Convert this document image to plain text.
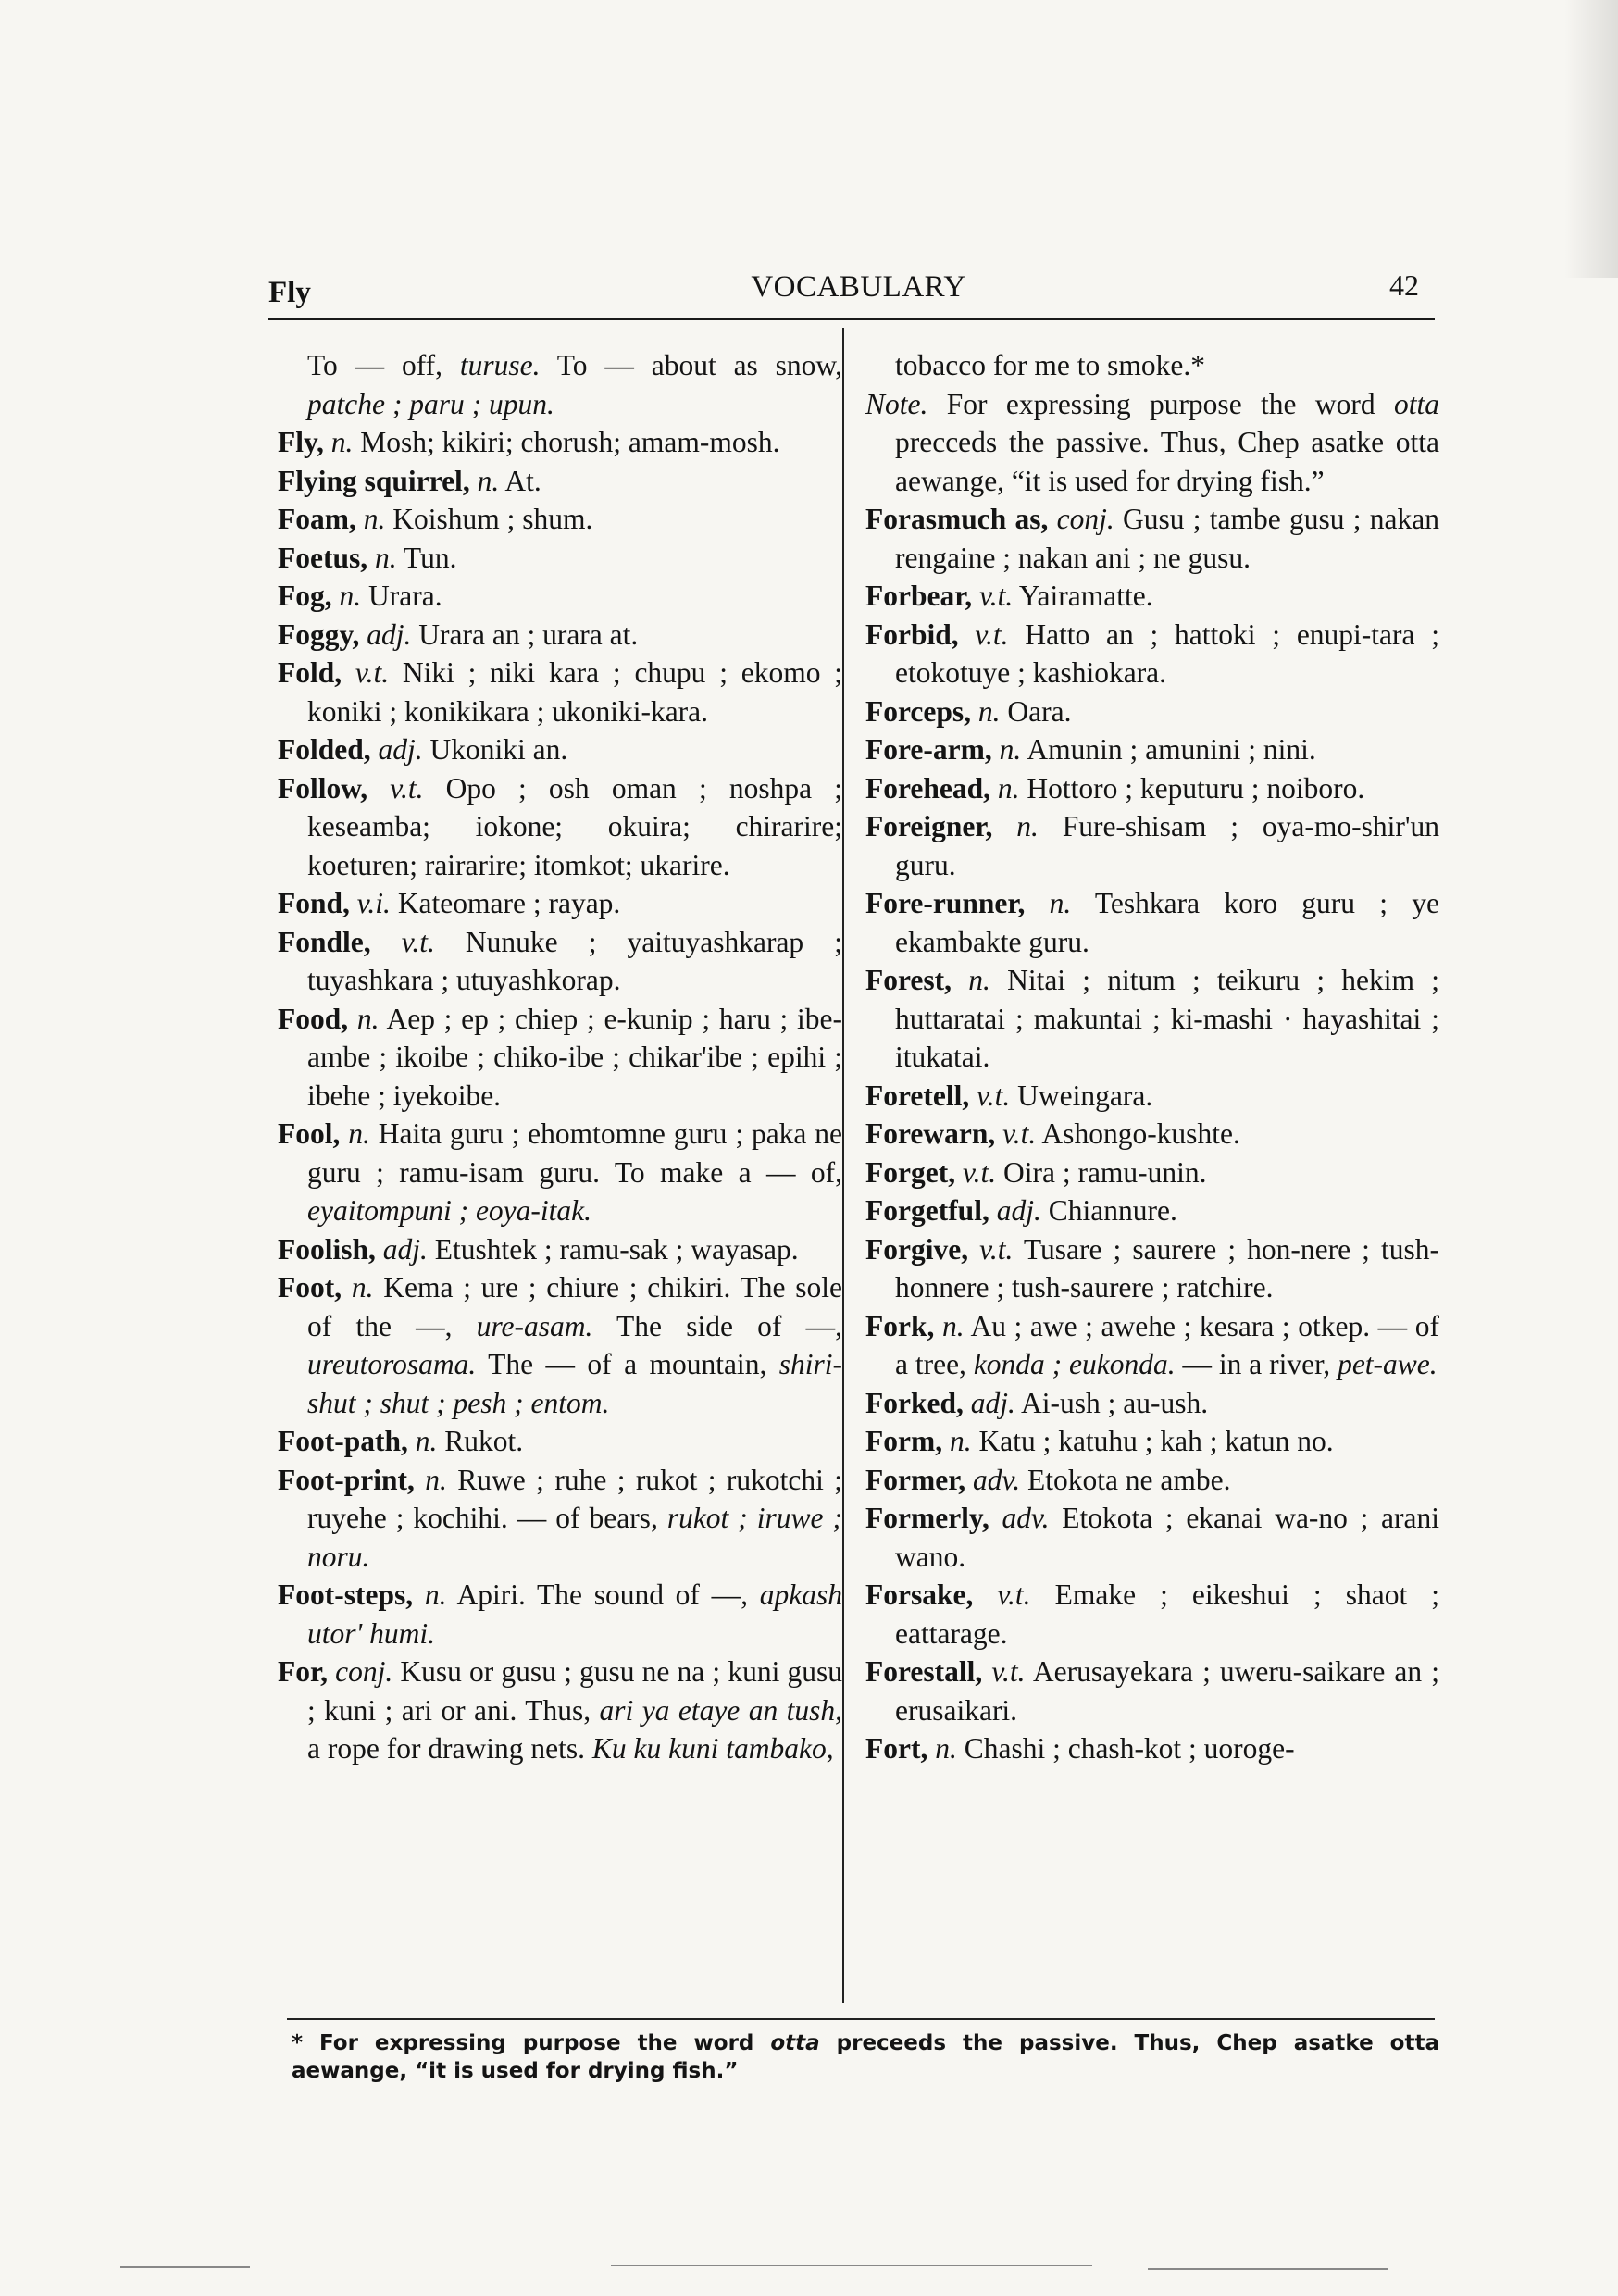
Fly	VOCABULARY	42

To — off, turuse. To — about as snow, patche ; paru ; upun.

Fly, n. Mosh; kikiri; chorush; amam-mosh.

Flying squirrel, n. At.

Foam, n. Koishum ; shum.

Foetus, n. Tun.

Fog, n. Urara.

Foggy, adj. Urara an ; urara at.

Fold, v.t. Niki ; niki kara ; chupu ; ekomo ; koniki ; konikikara ; ukoniki-kara.

Folded, adj. Ukoniki an.

Follow, v.t. Opo ; osh oman ; noshpa ; keseamba; iokone; okuira; chirarire; koeturen; rairarire; itomkot; ukarire.

Fond, v.i. Kateomare ; rayap.

Fondle, v.t. Nunuke ; yaituyashkarap ; tuyashkara ; utuyashkorap.

Food, n. Aep ; ep ; chiep ; e-kunip ; haru ; ibe-ambe ; ikoibe ; chiko-ibe ; chikar'ibe ; epihi ; ibehe ; iyekoibe.

Fool, n. Haita guru ; ehomtomne guru ; paka ne guru ; ramu-isam guru. To make a — of, eyaitompuni ; eoya-itak.

Foolish, adj. Etushtek ; ramu-sak ; wayasap.

Foot, n. Kema ; ure ; chiure ; chikiri. The sole of the —, ure-asam. The side of —, ureutorosama. The — of a mountain, shiri-shut ; shut ; pesh ; entom.

Foot-path, n. Rukot.

Foot-print, n. Ruwe ; ruhe ; rukot ; rukotchi ; ruyehe ; kochihi. — of bears, rukot ; iruwe ; noru.

Foot-steps, n. Apiri. The sound of —, apkash utor' humi.

For, conj. Kusu or gusu ; gusu ne na ; kuni gusu ; kuni ; ari or ani. Thus, ari ya etaye an tush, a rope for drawing nets. Ku ku kuni tambako,

tobacco for me to smoke.*

Note. For expressing purpose the word otta precceds the passive. Thus, Chep asatke otta aewange, “it is used for drying fish.”

Forasmuch as, conj. Gusu ; tambe gusu ; nakan rengaine ; nakan ani ; ne gusu.

Forbear, v.t. Yairamatte.

Forbid, v.t. Hatto an ; hattoki ; enupi-tara ; etokotuye ; kashiokara.

Forceps, n. Oara.

Fore-arm, n. Amunin ; amunini ; nini.

Forehead, n. Hottoro ; keputuru ; noiboro.

Foreigner, n. Fure-shisam ; oya-mo-shir'un guru.

Fore-runner, n. Teshkara koro guru ; ye ekambakte guru.

Forest, n. Nitai ; nitum ; teikuru ; hekim ; huttaratai ; makuntai ; ki-mashi · hayashitai ; itukatai.

Foretell, v.t. Uweingara.

Forewarn, v.t. Ashongo-kushte.

Forget, v.t. Oira ; ramu-unin.

Forgetful, adj. Chiannure.

Forgive, v.t. Tusare ; saurere ; hon-nere ; tush-honnere ; tush-saurere ; ratchire.

Fork, n. Au ; awe ; awehe ; kesara ; otkep. — of a tree, konda ; eukonda. — in a river, pet-awe.

Forked, adj. Ai-ush ; au-ush.

Form, n. Katu ; katuhu ; kah ; katun no.

Former, adv. Etokota ne ambe.

Formerly, adv. Etokota ; ekanai wa-no ; arani wano.

Forsake, v.t. Emake ; eikeshui ; shaot ; eattarage.

Forestall, v.t. Aerusayekara ; uweru-saikare an ; erusaikari.

Fort, n. Chashi ; chash-kot ; uoroge-

* For expressing purpose the word otta preceeds the passive. Thus, Chep asatke otta aewange, “it is used for drying fish.”
